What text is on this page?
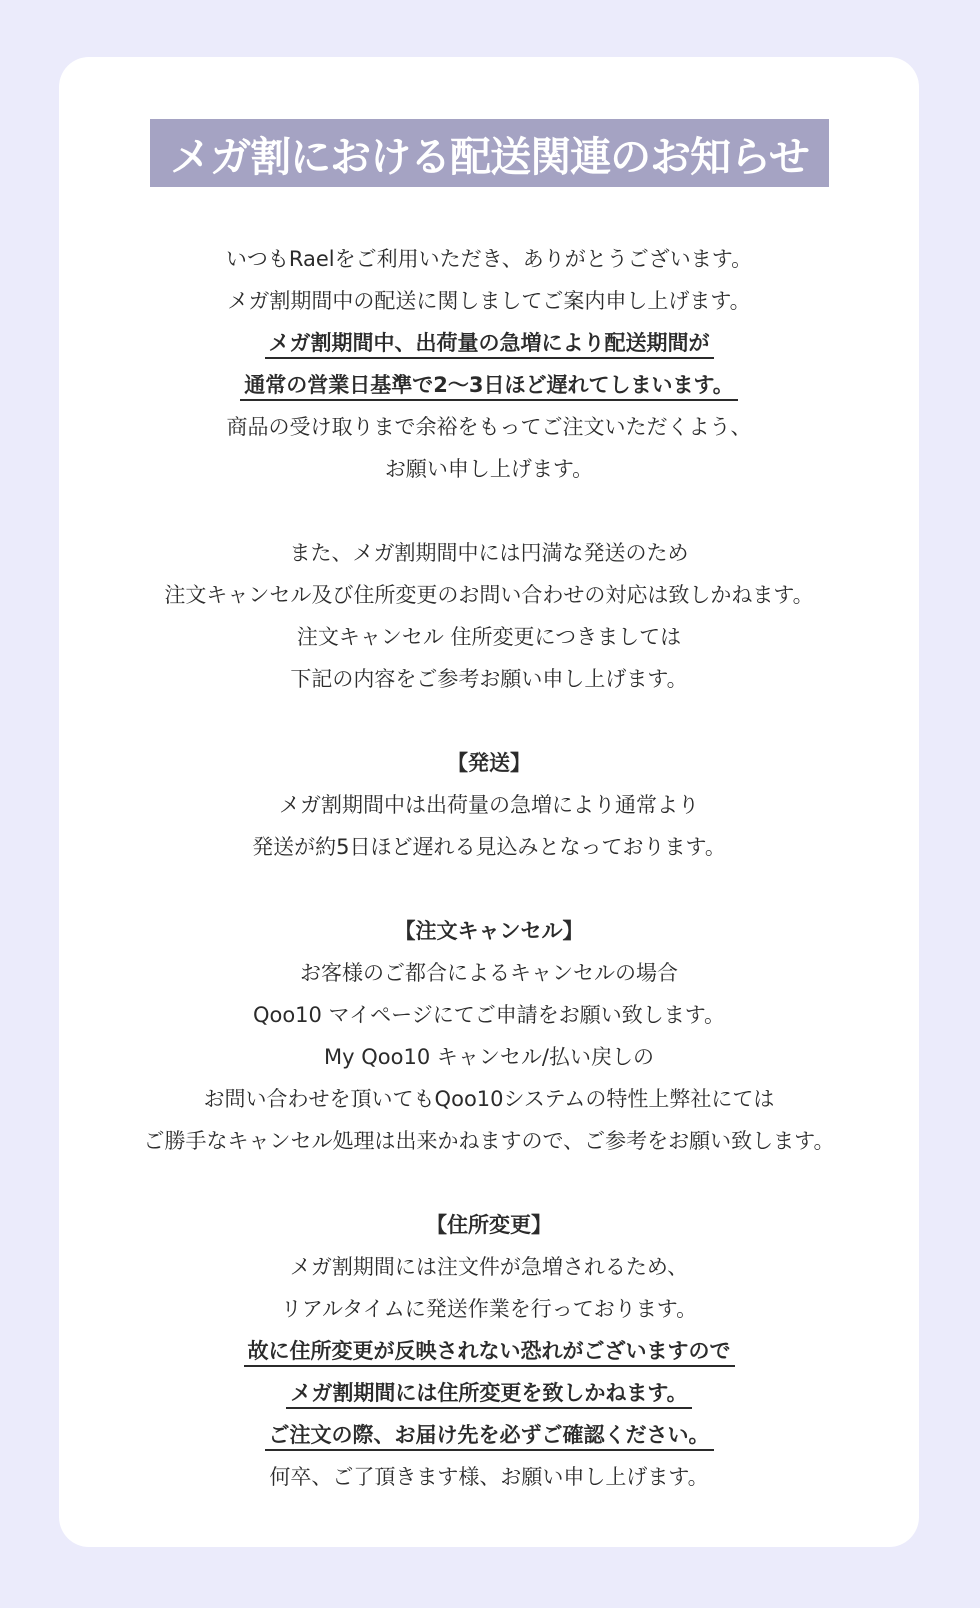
メガ割における配送関連のお知らせ
いつもRaelをご利用いただき、ありがとうございます。
メガ割期間中の配送に関しましてご案内申し上げます。
メガ割期間中、出荷量の急増により配送期間が
通常の営業日基準で2～3日ほど遅れてしまいます。
商品の受け取りまで余裕をもってご注文いただくよう、
お願い申し上げます。
また、メガ割期間中には円満な発送のため
注文キャンセル及び住所変更のお問い合わせの対応は致しかねます。
注文キャンセル 住所変更につきましては
下記の内容をご参考お願い申し上げます。
【発送】
メガ割期間中は出荷量の急増により通常より
発送が約5日ほど遅れる見込みとなっております。
【注文キャンセル】
お客様のご都合によるキャンセルの場合
Qoo10 マイページにてご申請をお願い致します。
My Qoo10 キャンセル/払い戻しの
お問い合わせを頂いてもQoo10システムの特性上弊社にては
ご勝手なキャンセル処理は出来かねますので、ご参考をお願い致します。
【住所変更】
メガ割期間には注文件が急増されるため、
リアルタイムに発送作業を行っております。
故に住所変更が反映されない恐れがございますので
メガ割期間には住所変更を致しかねます。
ご注文の際、お届け先を必ずご確認ください。
何卒、ご了頂きます様、お願い申し上げます。
